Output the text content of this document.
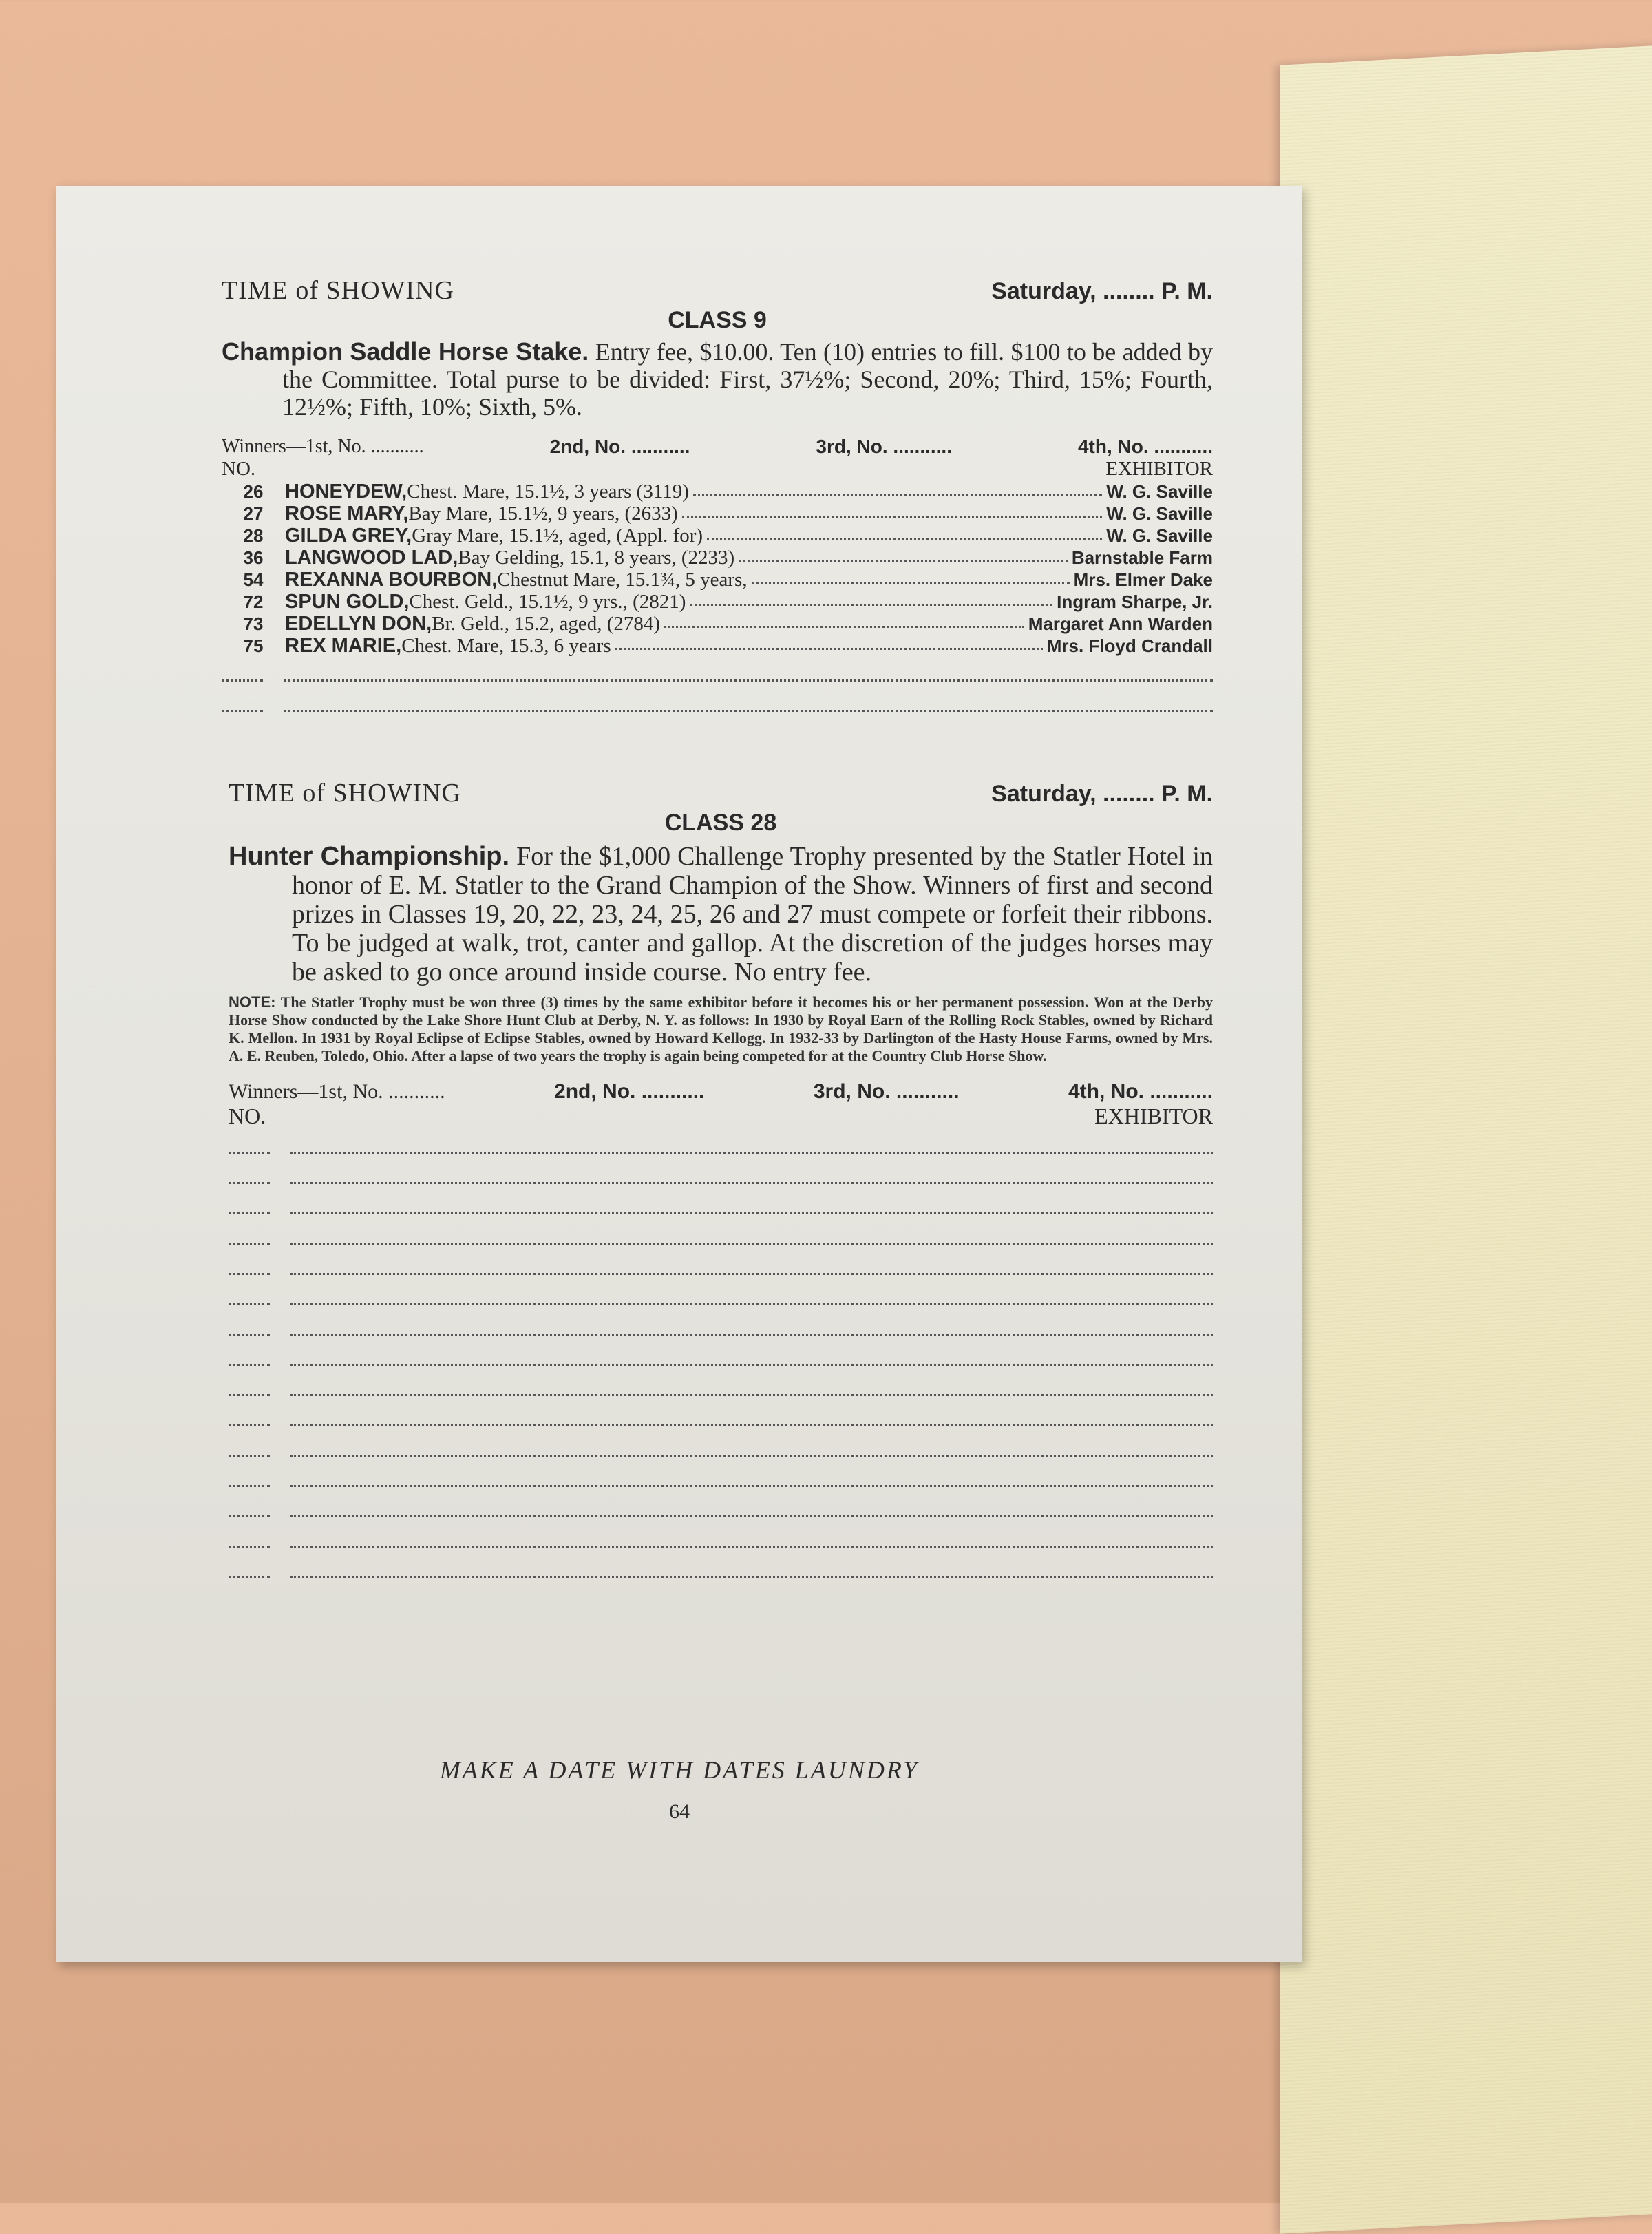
TIME of SHOWING	Saturday, ........ P. M.
CLASS 9
Champion Saddle Horse Stake. Entry fee, $10.00. Ten (10) entries to fill. $100 to be added by the Committee. Total purse to be divided: First, 37½%; Second, 20%; Third, 15%; Fourth, 12½%; Fifth, 10%; Sixth, 5%.
Winners—1st, No. ...........	2nd, No. ...........	3rd, No. ...........	4th, No. ...........
NO.	EXHIBITOR
26	HONEYDEW, Chest. Mare, 15.1½, 3 years (3119)	W. G. Saville
27	ROSE MARY, Bay Mare, 15.1½, 9 years, (2633)	W. G. Saville
28	GILDA GREY, Gray Mare, 15.1½, aged, (Appl. for)	W. G. Saville
36	LANGWOOD LAD, Bay Gelding, 15.1, 8 years, (2233)	Barnstable Farm
54	REXANNA BOURBON, Chestnut Mare, 15.1¾, 5 years,	Mrs. Elmer Dake
72	SPUN GOLD, Chest. Geld., 15.1½, 9 yrs., (2821)	Ingram Sharpe, Jr.
73	EDELLYN DON, Br. Geld., 15.2, aged, (2784)	Margaret Ann Warden
75	REX MARIE, Chest. Mare, 15.3, 6 years	Mrs. Floyd Crandall
TIME of SHOWING	Saturday, ........ P. M.
CLASS 28
Hunter Championship. For the $1,000 Challenge Trophy presented by the Statler Hotel in honor of E. M. Statler to the Grand Champion of the Show. Winners of first and second prizes in Classes 19, 20, 22, 23, 24, 25, 26 and 27 must compete or forfeit their ribbons. To be judged at walk, trot, canter and gallop. At the discretion of the judges horses may be asked to go once around inside course. No entry fee.
NOTE: The Statler Trophy must be won three (3) times by the same exhibitor before it becomes his or her permanent possession. Won at the Derby Horse Show conducted by the Lake Shore Hunt Club at Derby, N. Y. as follows: In 1930 by Royal Earn of the Rolling Rock Stables, owned by Richard K. Mellon. In 1931 by Royal Eclipse of Eclipse Stables, owned by Howard Kellogg. In 1932-33 by Darlington of the Hasty House Farms, owned by Mrs. A. E. Reuben, Toledo, Ohio. After a lapse of two years the trophy is again being competed for at the Country Club Horse Show.
Winners—1st, No. ...........	2nd, No. ...........	3rd, No. ...........	4th, No. ...........
NO.	EXHIBITOR
MAKE A DATE WITH DATES LAUNDRY
64
